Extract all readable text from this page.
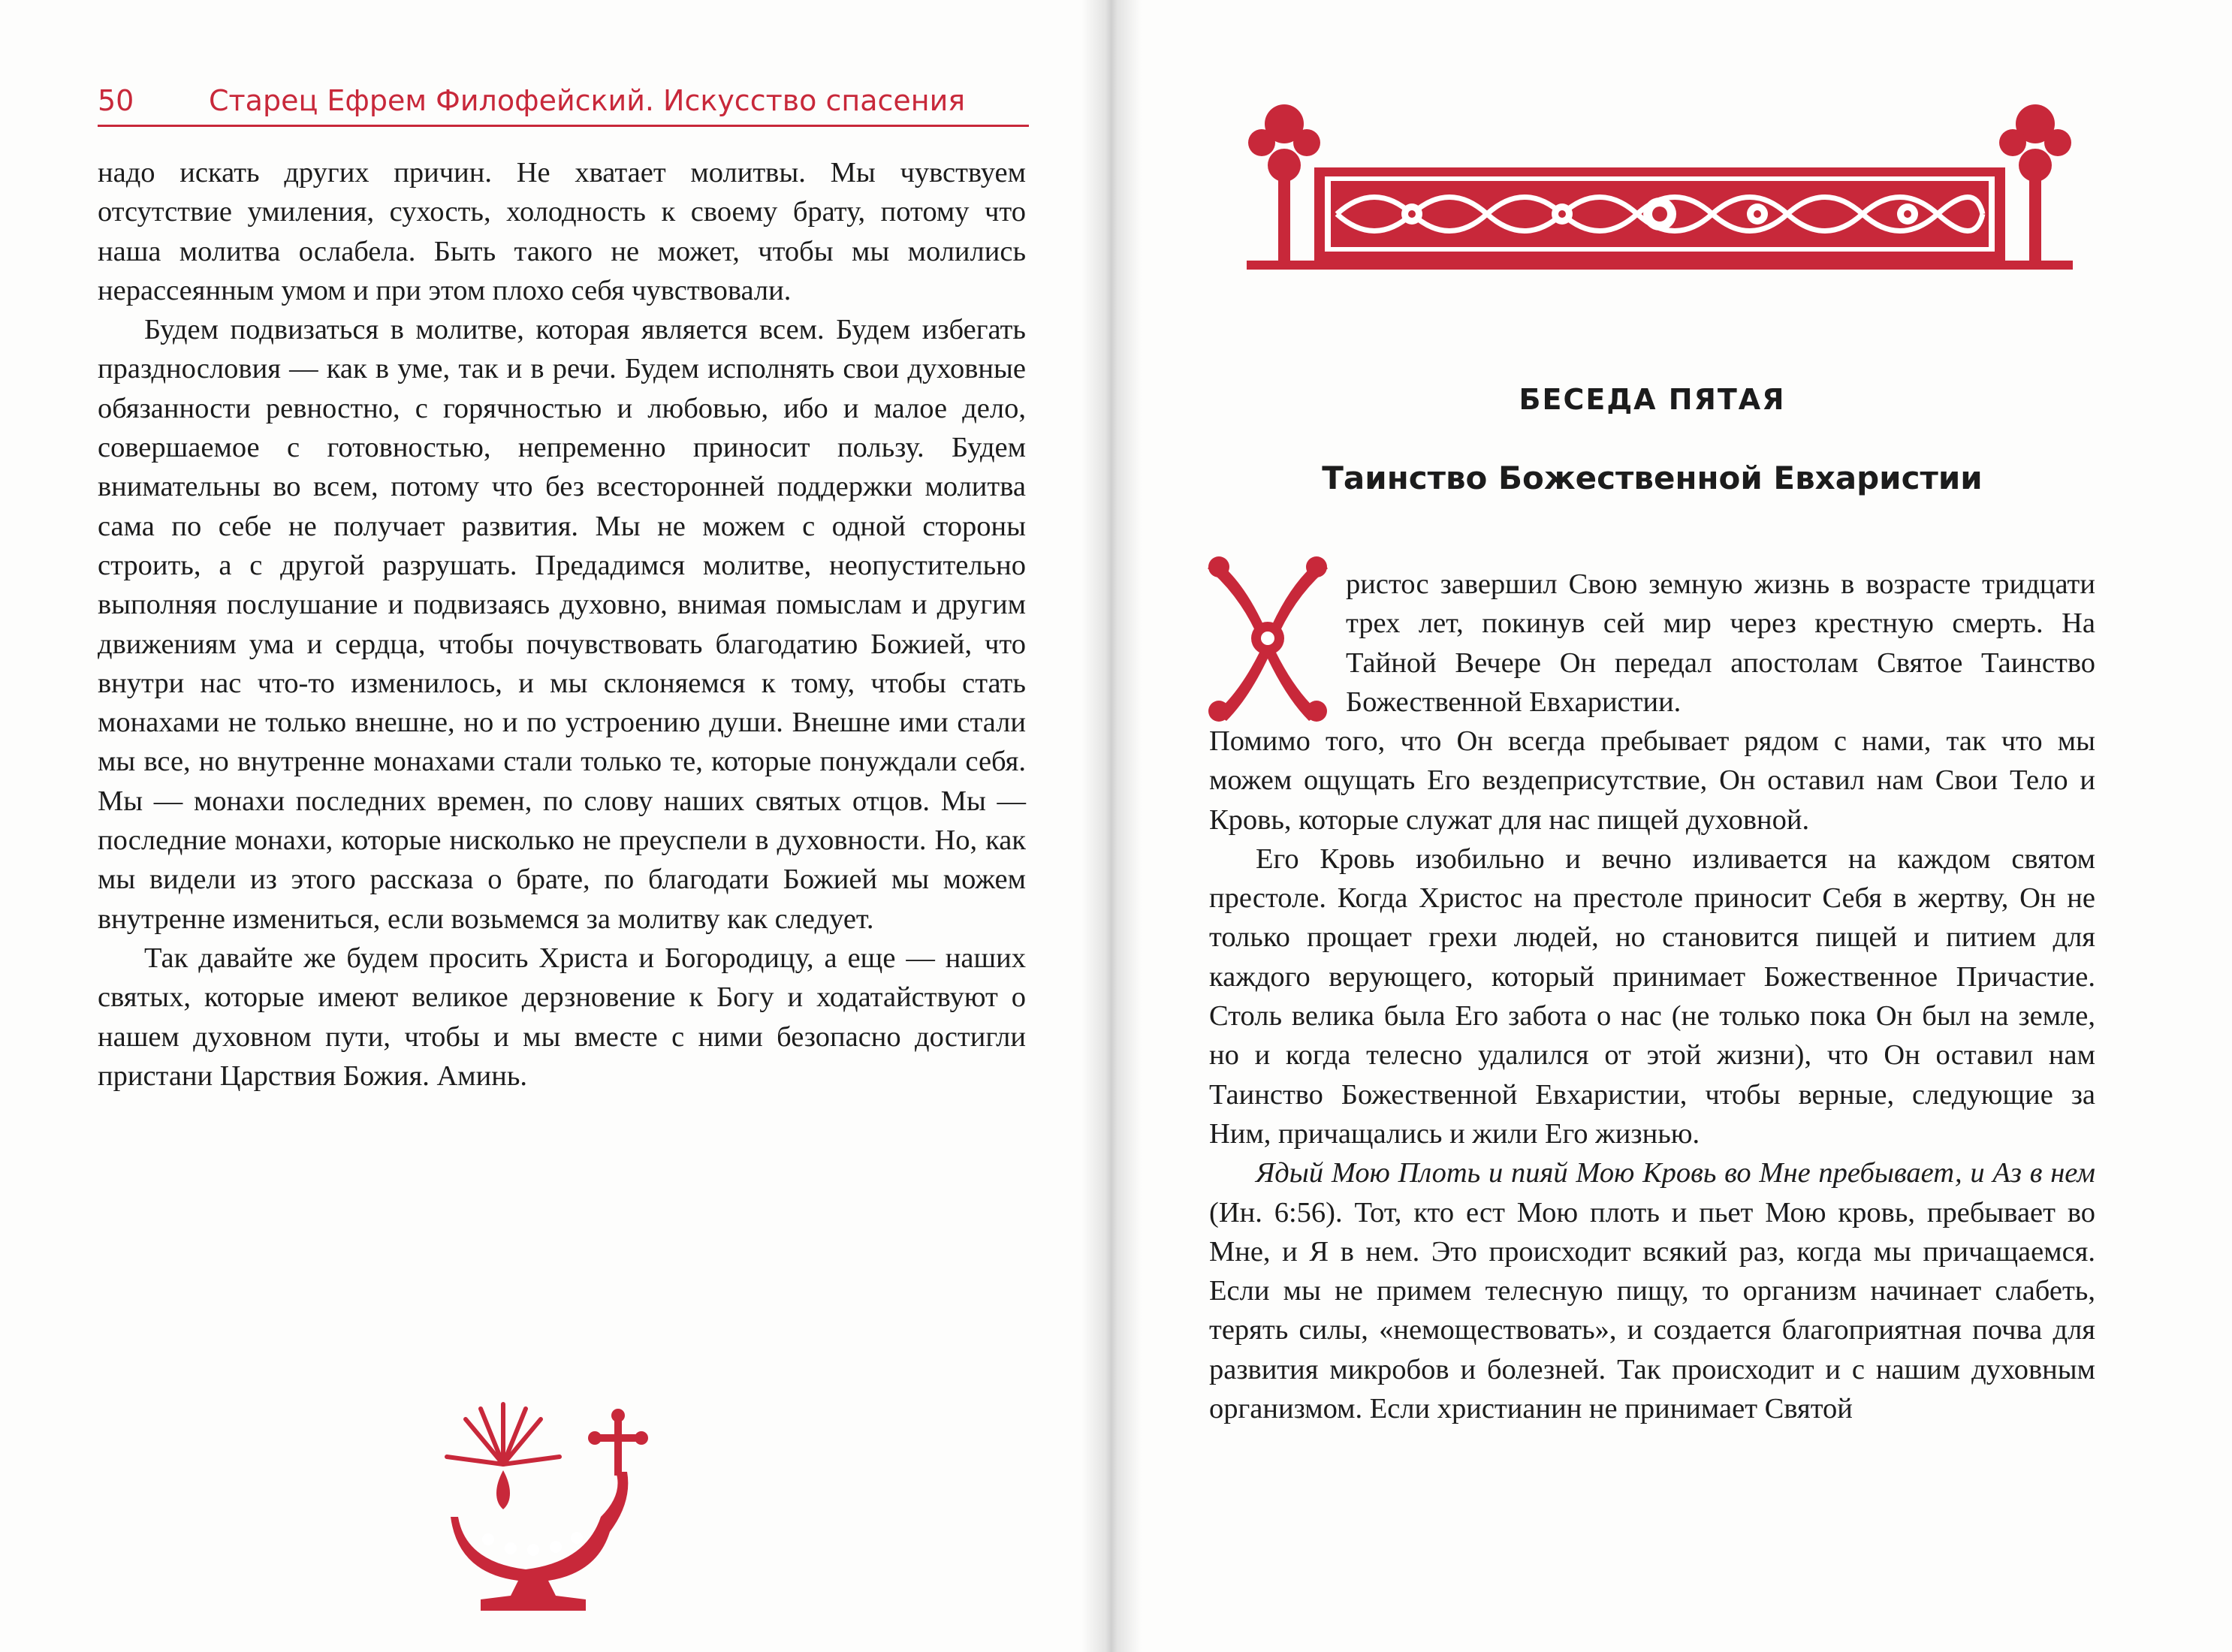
50	Старец Ефрем Филофейский. Искусство спасения

надо искать других причин. Не хватает молитвы. Мы чувствуем отсутствие умиления, сухость, холодность к своему брату, потому что наша молитва ослабела. Быть такого не может, чтобы мы молились нерассеянным умом и при этом плохо себя чувствовали.

Будем подвизаться в молитве, которая является всем. Будем избегать празднословия — как в уме, так и в речи. Будем исполнять свои духовные обязанности ревностно, с горячностью и любовью, ибо и малое дело, совершаемое с готовностью, непременно приносит пользу. Будем внимательны во всем, потому что без всесторонней поддержки молитва сама по себе не получает развития. Мы не можем с одной стороны строить, а с другой разрушать. Предадимся молитве, неопустительно выполняя послушание и подвизаясь духовно, внимая помыслам и другим движениям ума и сердца, чтобы почувствовать благодатию Божией, что внутри нас что-то изменилось, и мы склоняемся к тому, чтобы стать монахами не только внешне, но и по устроению души. Внешне ими стали мы все, но внутренне монахами стали только те, которые понуждали себя. Мы — монахи последних времен, по слову наших святых отцов. Мы — последние монахи, которые нисколько не преуспели в духовности. Но, как мы видели из этого рассказа о брате, по благодати Божией мы можем внутренне измениться, если возьмемся за молитву как следует.

Так давайте же будем просить Христа и Богородицу, а еще — наших святых, которые имеют великое дерзновение к Богу и ходатайствуют о нашем духовном пути, чтобы и мы вместе с ними безопасно достигли пристани Царствия Божия. Аминь.

БЕСЕДА ПЯТАЯ
Таинство Божественной Евхаристии

ристос завершил Свою земную жизнь в возрасте тридцати трех лет, покинув сей мир через крестную смерть. На Тайной Вечере Он передал апостолам Святое Таинство Божественной Евхаристии.

Помимо того, что Он всегда пребывает рядом с нами, так что мы можем ощущать Его вездеприсутствие, Он оставил нам Свои Тело и Кровь, которые служат для нас пищей духовной.

Его Кровь изобильно и вечно изливается на каждом святом престоле. Когда Христос на престоле приносит Себя в жертву, Он не только прощает грехи людей, но становится пищей и питием для каждого верующего, который принимает Божественное Причастие. Столь велика была Его забота о нас (не только пока Он был на земле, но и когда телесно удалился от этой жизни), что Он оставил нам Таинство Божественной Евхаристии, чтобы верные, следующие за Ним, причащались и жили Его жизнью.

Ядый Мою Плоть и пияй Мою Кровь во Мне пребывает, и Аз в нем (Ин. 6:56). Тот, кто ест Мою плоть и пьет Мою кровь, пребывает во Мне, и Я в нем. Это происходит всякий раз, когда мы причащаемся. Если мы не примем телесную пищу, то организм начинает слабеть, терять силы, «немоществовать», и создается благоприятная почва для развития микробов и болезней. Так происходит и с нашим духовным организмом. Если христианин не принимает Святой
